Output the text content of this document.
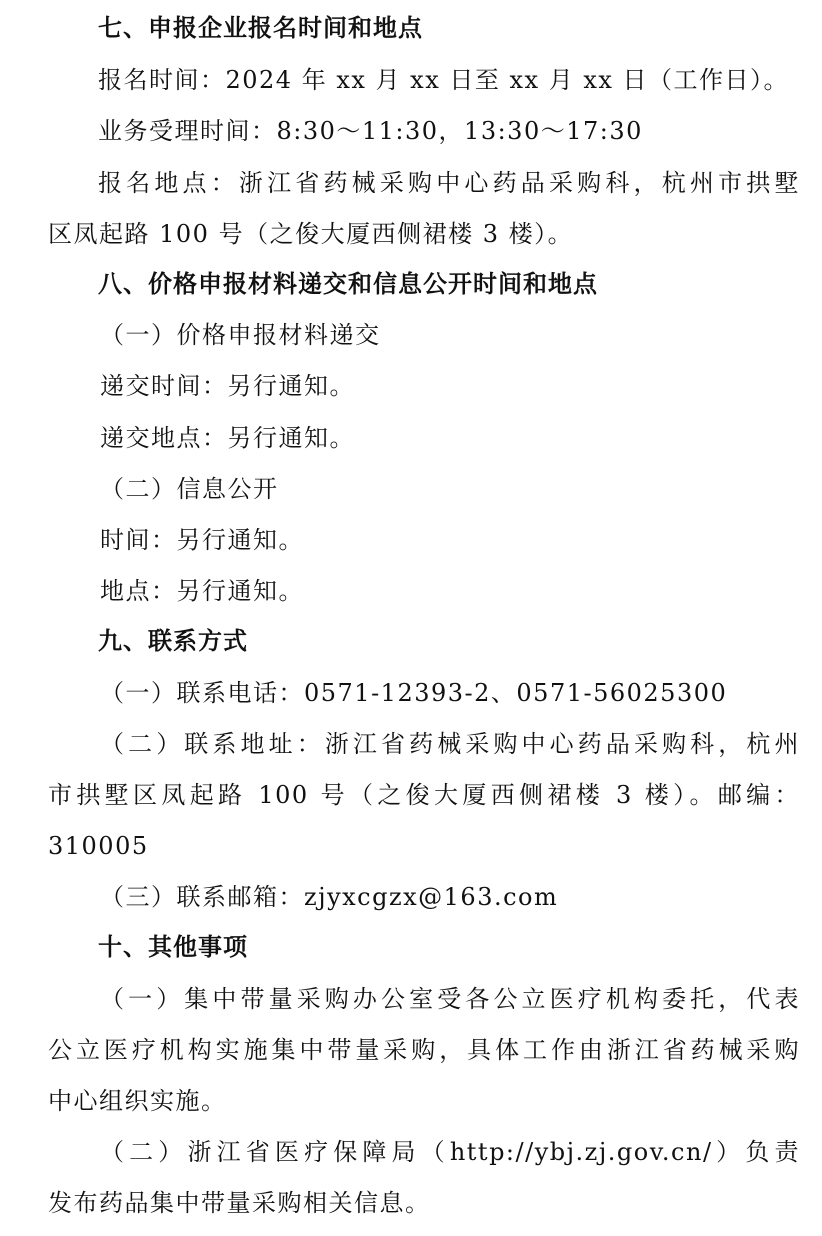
七、申报企业报名时间和地点
报名时间：2024 年 xx 月 xx 日至 xx 月 xx 日（工作日）。
业务受理时间：8:30～11:30，13:30～17:30
报名地点：浙江省药械采购中心药品采购科，杭州市拱墅
区凤起路 100 号（之俊大厦西侧裙楼 3 楼）。
八、价格申报材料递交和信息公开时间和地点
（一）价格申报材料递交
递交时间：另行通知。
递交地点：另行通知。
（二）信息公开
时间：另行通知。
地点：另行通知。
九、联系方式
（一）联系电话：0571-12393-2、0571-56025300
（二）联系地址：浙江省药械采购中心药品采购科，杭州
市拱墅区凤起路 100 号（之俊大厦西侧裙楼 3 楼）。邮编：
310005
（三）联系邮箱：zjyxcgzx@163.com
十、其他事项
（一）集中带量采购办公室受各公立医疗机构委托，代表
公立医疗机构实施集中带量采购，具体工作由浙江省药械采购
中心组织实施。
（二）浙江省医疗保障局（http://ybj.zj.gov.cn/）负责
发布药品集中带量采购相关信息。
